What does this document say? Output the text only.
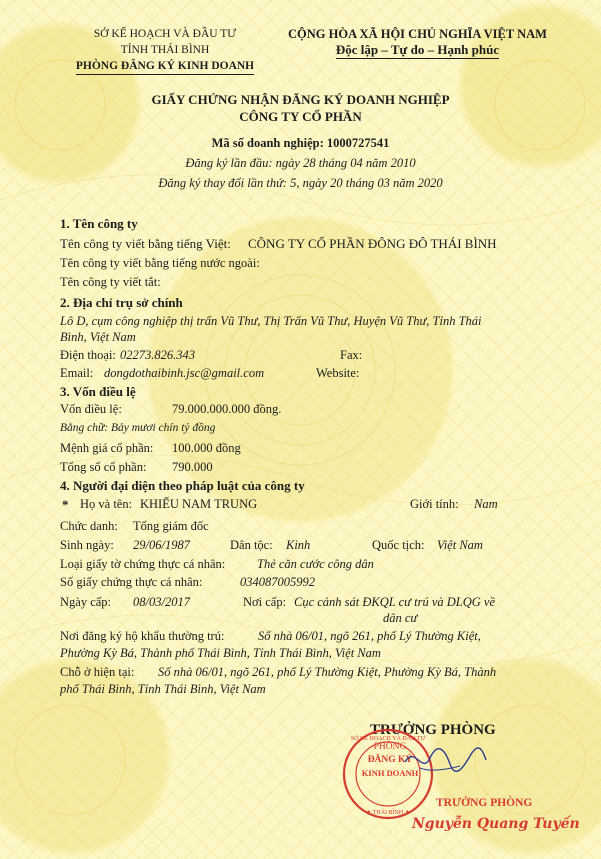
SỞ KẾ HOẠCH VÀ ĐẦU TƯ
TỈNH THÁI BÌNH
PHÒNG ĐĂNG KÝ KINH DOANH
CỘNG HÒA XÃ HỘI CHỦ NGHĨA VIỆT NAM
Độc lập – Tự do – Hạnh phúc
GIẤY CHỨNG NHẬN ĐĂNG KÝ DOANH NGHIỆP
CÔNG TY CỔ PHẦN
Mã số doanh nghiệp: 1000727541
Đăng ký lần đầu: ngày 28 tháng 04 năm 2010
Đăng ký thay đổi lần thứ: 5, ngày 20 tháng 03 năm 2020
1. Tên công ty
Tên công ty viết bằng tiếng Việt: CÔNG TY CỔ PHẦN ĐÔNG ĐÔ THÁI BÌNH
Tên công ty viết bằng tiếng nước ngoài:
Tên công ty viết tắt:
2. Địa chỉ trụ sở chính
Lô D, cụm công nghiệp thị trấn Vũ Thư, Thị Trấn Vũ Thư, Huyện Vũ Thư, Tỉnh Thái
Bình, Việt Nam
Điện thoại: 02273.826.343	Fax:
Email: dongdothaibinh.jsc@gmail.com	Website:
3. Vốn điều lệ
Vốn điều lệ:	79.000.000.000 đồng.
Bằng chữ: Bảy mươi chín tỷ đồng
Mệnh giá cổ phần: 100.000 đồng
Tổng số cổ phần: 790.000
4. Người đại diện theo pháp luật của công ty
* Họ và tên: KHIẾU NAM TRUNG	Giới tính: Nam
Chức danh: Tổng giám đốc
Sinh ngày: 29/06/1987	Dân tộc: Kinh	Quốc tịch: Việt Nam
Loại giấy tờ chứng thực cá nhân:	Thẻ căn cước công dân
Số giấy chứng thực cá nhân:	034087005992
Ngày cấp: 08/03/2017	Nơi cấp: Cục cảnh sát ĐKQL cư trú và DLQG về
dân cư
Nơi đăng ký hộ khẩu thường trú:	Số nhà 06/01, ngõ 261, phố Lý Thường Kiệt,
Phường Kỳ Bá, Thành phố Thái Bình, Tỉnh Thái Bình, Việt Nam
Chỗ ở hiện tại: Số nhà 06/01, ngõ 261, phố Lý Thường Kiệt, Phường Kỳ Bá, Thành
phố Thái Bình, Tỉnh Thái Bình, Việt Nam
TRƯỞNG PHÒNG
SỞ KẾ HOẠCH VÀ ĐẦU TƯ
★ THÁI BÌNH ★
PHÒNG
ĐĂNG KÝ
KINH DOANH
TRƯỞNG PHÒNG
Nguyễn Quang Tuyến
